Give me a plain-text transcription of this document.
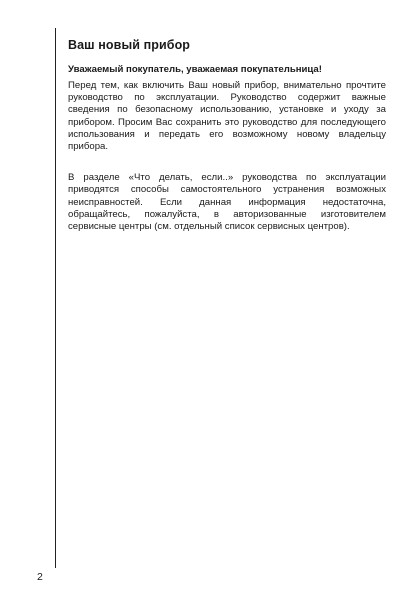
Ваш новый прибор

Уважаемый покупатель, уважаемая покупательница!

Перед тем, как включить Ваш новый прибор, внимательно прочтите руководство по эксплуатации. Руководство содержит важные сведения по безопасному использованию, установке и уходу за прибором. Просим Вас сохранить это руководство для последующего использования и передать его возможному новому владельцу прибора.

В разделе «Что делать, если..» руководства по эксплуатации приводятся способы самостоятельного устранения возможных неисправностей. Если данная информация недостаточна, обращайтесь, пожалуйста, в авторизованные изготовителем сервисные центры (см. отдельный список сервисных центров).

2
